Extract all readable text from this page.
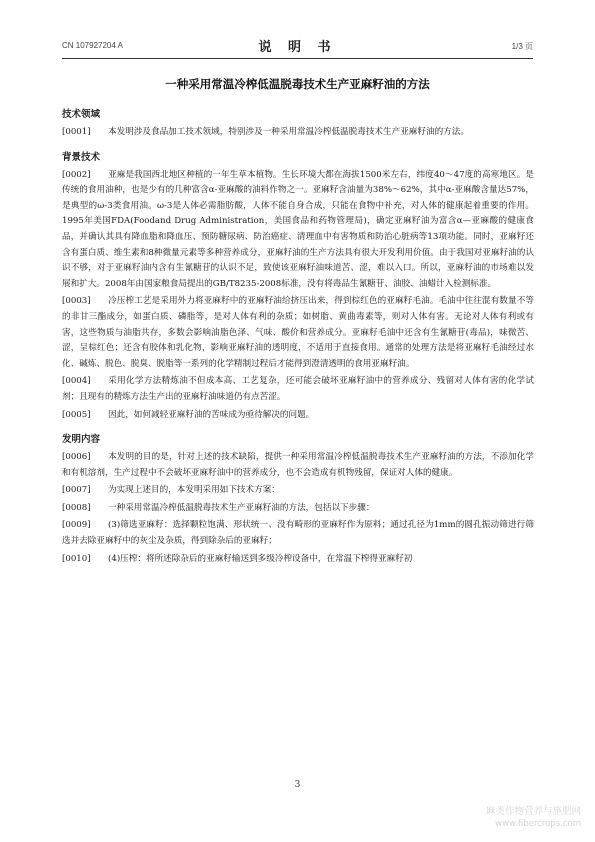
CN 107927204 A	说 明 书	1/3 页
一种采用常温冷榨低温脱毒技术生产亚麻籽油的方法
技术领域

[0001] 本发明涉及食品加工技术领域，特别涉及一种采用常温冷榨低温脱毒技术生产亚麻籽油的方法。

背景技术

[0002] 亚麻是我国西北地区种植的一年生草本植物。生长环境大都在海拔1500米左右，纬度40～47度的高寒地区。是传统的食用油种，也是少有的几种富含α-亚麻酸的油料作物之一。亚麻籽含油量为38%～62%，其中α-亚麻酸含量达57%，是典型的ω-3类食用油。ω-3是人体必需脂肪酸，人体不能自身合成，只能在食物中补充，对人体的健康起着重要的作用。1995年美国FDA(Foodand Drug Administration，美国食品和药物管理局)，确定亚麻籽油为富含α—亚麻酸的健康食品，并确认其具有降血脂和降血压、预防糖尿病、防治癌症、清理血中有害物质和防治心脏病等13项功能。同时，亚麻籽还含有蛋白质、维生素和8种微量元素等多种营养成分，亚麻籽油的生产方法具有很大开发利用价值。由于我国对亚麻籽油的认识不够，对于亚麻籽油内含有生氰糖苷的认识不足，致使该亚麻籽油味道苦、涩，难以入口。所以，亚麻籽油的市场难以发展和扩大。2008年由国家粮食局提出的GB/T8235-2008标准，没有将毒品生氰糖苷、油胶、油蜡计入检测标准。

[0003] 冷压榨工艺是采用外力将亚麻籽中的亚麻籽油给挤压出来，得到棕红色的亚麻籽毛油。毛油中往往混有数量不等的非甘三酯成分，如蛋白质、磷脂等，是对人体有利的杂质；如树脂、黄曲毒素等，则对人体有害。无论对人体有利或有害，这些物质与油脂共存，多数会影响油脂色泽、气味、酸价和营养成分。亚麻籽毛油中还含有生氰糖苷(毒品)，味微苦、涩，呈棕红色；还含有胶体和乳化物，影响亚麻籽油的透明度，不适用于直接食用。通常的处理方法是将亚麻籽毛油经过水化、碱炼、脱色、脱臭、脱脂等一系列的化学精制过程后才能得到澄清透明的食用亚麻籽油。

[0004] 采用化学方法精炼油不但成本高、工艺复杂，还可能会破坏亚麻籽油中的营养成分、残留对人体有害的化学试剂；且现有的精炼方法生产出的亚麻籽油味道仍有点苦涩。

[0005] 因此，如何减轻亚麻籽油的苦味成为亟待解决的问题。

发明内容

[0006] 本发明的目的是，针对上述的技术缺陷，提供一种采用常温冷榨低温脱毒技术生产亚麻籽油的方法，不添加化学和有机溶剂，生产过程中不会破坏亚麻籽油中的营养成分，也不会造成有机物残留，保证对人体的健康。

[0007] 为实现上述目的，本发明采用如下技术方案：

[0008] 一种采用常温冷榨低温脱毒技术生产亚麻籽油的方法，包括以下步骤：

[0009] (3)筛选亚麻籽：选择颗粒饱满、形状统一、没有畸形的亚麻籽作为原料；通过孔径为1mm的圆孔振动筛进行筛选并去除亚麻籽中的灰尘及杂质，得到除杂后的亚麻籽；

[0010] (4)压榨：将所述除杂后的亚麻籽输送到多级冷榨设备中，在常温下榨得亚麻籽初

3
麻类作物营养与施肥网
www.fibercrops.com
